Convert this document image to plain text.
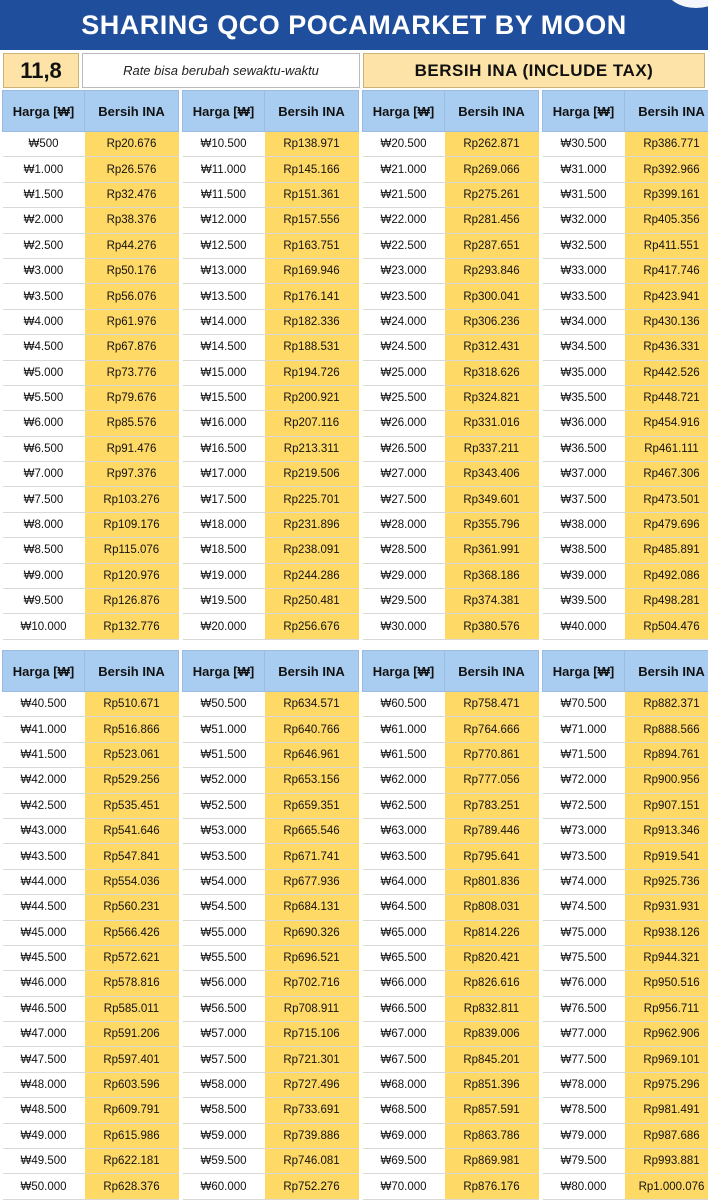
SHARING QCO POCAMARKET BY MOON
11,8	Rate bisa berubah sewaktu-waktu	BERSIH INA (INCLUDE TAX)
Harga [₩]	Bersih INA
₩500	Rp20.676
₩1.000	Rp26.576
₩1.500	Rp32.476
₩2.000	Rp38.376
₩2.500	Rp44.276
₩3.000	Rp50.176
₩3.500	Rp56.076
₩4.000	Rp61.976
₩4.500	Rp67.876
₩5.000	Rp73.776
₩5.500	Rp79.676
₩6.000	Rp85.576
₩6.500	Rp91.476
₩7.000	Rp97.376
₩7.500	Rp103.276
₩8.000	Rp109.176
₩8.500	Rp115.076
₩9.000	Rp120.976
₩9.500	Rp126.876
₩10.000	Rp132.776
Harga [₩]	Bersih INA
₩10.500	Rp138.971
₩11.000	Rp145.166
₩11.500	Rp151.361
₩12.000	Rp157.556
₩12.500	Rp163.751
₩13.000	Rp169.946
₩13.500	Rp176.141
₩14.000	Rp182.336
₩14.500	Rp188.531
₩15.000	Rp194.726
₩15.500	Rp200.921
₩16.000	Rp207.116
₩16.500	Rp213.311
₩17.000	Rp219.506
₩17.500	Rp225.701
₩18.000	Rp231.896
₩18.500	Rp238.091
₩19.000	Rp244.286
₩19.500	Rp250.481
₩20.000	Rp256.676
Harga [₩]	Bersih INA
₩20.500	Rp262.871
₩21.000	Rp269.066
₩21.500	Rp275.261
₩22.000	Rp281.456
₩22.500	Rp287.651
₩23.000	Rp293.846
₩23.500	Rp300.041
₩24.000	Rp306.236
₩24.500	Rp312.431
₩25.000	Rp318.626
₩25.500	Rp324.821
₩26.000	Rp331.016
₩26.500	Rp337.211
₩27.000	Rp343.406
₩27.500	Rp349.601
₩28.000	Rp355.796
₩28.500	Rp361.991
₩29.000	Rp368.186
₩29.500	Rp374.381
₩30.000	Rp380.576
Harga [₩]	Bersih INA
₩30.500	Rp386.771
₩31.000	Rp392.966
₩31.500	Rp399.161
₩32.000	Rp405.356
₩32.500	Rp411.551
₩33.000	Rp417.746
₩33.500	Rp423.941
₩34.000	Rp430.136
₩34.500	Rp436.331
₩35.000	Rp442.526
₩35.500	Rp448.721
₩36.000	Rp454.916
₩36.500	Rp461.111
₩37.000	Rp467.306
₩37.500	Rp473.501
₩38.000	Rp479.696
₩38.500	Rp485.891
₩39.000	Rp492.086
₩39.500	Rp498.281
₩40.000	Rp504.476
Harga [₩]	Bersih INA
₩40.500	Rp510.671
₩41.000	Rp516.866
₩41.500	Rp523.061
₩42.000	Rp529.256
₩42.500	Rp535.451
₩43.000	Rp541.646
₩43.500	Rp547.841
₩44.000	Rp554.036
₩44.500	Rp560.231
₩45.000	Rp566.426
₩45.500	Rp572.621
₩46.000	Rp578.816
₩46.500	Rp585.011
₩47.000	Rp591.206
₩47.500	Rp597.401
₩48.000	Rp603.596
₩48.500	Rp609.791
₩49.000	Rp615.986
₩49.500	Rp622.181
₩50.000	Rp628.376
Harga [₩]	Bersih INA
₩50.500	Rp634.571
₩51.000	Rp640.766
₩51.500	Rp646.961
₩52.000	Rp653.156
₩52.500	Rp659.351
₩53.000	Rp665.546
₩53.500	Rp671.741
₩54.000	Rp677.936
₩54.500	Rp684.131
₩55.000	Rp690.326
₩55.500	Rp696.521
₩56.000	Rp702.716
₩56.500	Rp708.911
₩57.000	Rp715.106
₩57.500	Rp721.301
₩58.000	Rp727.496
₩58.500	Rp733.691
₩59.000	Rp739.886
₩59.500	Rp746.081
₩60.000	Rp752.276
Harga [₩]	Bersih INA
₩60.500	Rp758.471
₩61.000	Rp764.666
₩61.500	Rp770.861
₩62.000	Rp777.056
₩62.500	Rp783.251
₩63.000	Rp789.446
₩63.500	Rp795.641
₩64.000	Rp801.836
₩64.500	Rp808.031
₩65.000	Rp814.226
₩65.500	Rp820.421
₩66.000	Rp826.616
₩66.500	Rp832.811
₩67.000	Rp839.006
₩67.500	Rp845.201
₩68.000	Rp851.396
₩68.500	Rp857.591
₩69.000	Rp863.786
₩69.500	Rp869.981
₩70.000	Rp876.176
Harga [₩]	Bersih INA
₩70.500	Rp882.371
₩71.000	Rp888.566
₩71.500	Rp894.761
₩72.000	Rp900.956
₩72.500	Rp907.151
₩73.000	Rp913.346
₩73.500	Rp919.541
₩74.000	Rp925.736
₩74.500	Rp931.931
₩75.000	Rp938.126
₩75.500	Rp944.321
₩76.000	Rp950.516
₩76.500	Rp956.711
₩77.000	Rp962.906
₩77.500	Rp969.101
₩78.000	Rp975.296
₩78.500	Rp981.491
₩79.000	Rp987.686
₩79.500	Rp993.881
₩80.000	Rp1.000.076
